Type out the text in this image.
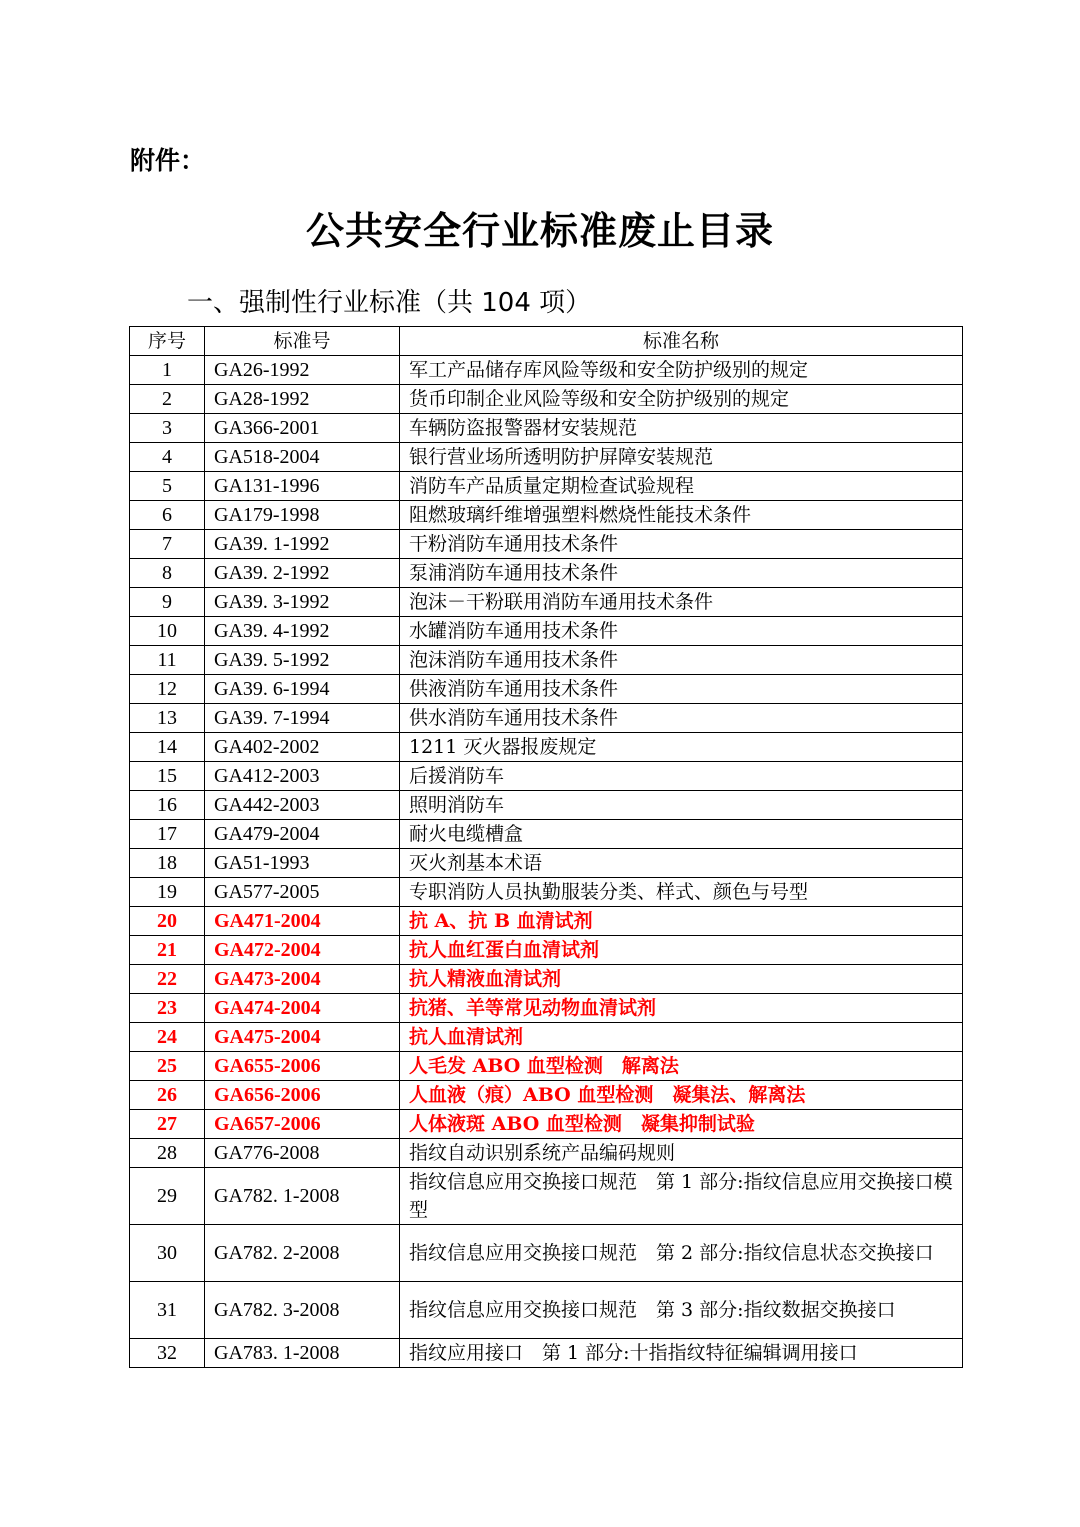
附件：
公共安全行业标准废止目录
一、强制性行业标准（共 104 项）
序号	标准号	标准名称
1	GA26-1992	军工产品储存库风险等级和安全防护级别的规定
2	GA28-1992	货币印制企业风险等级和安全防护级别的规定
3	GA366-2001	车辆防盗报警器材安装规范
4	GA518-2004	银行营业场所透明防护屏障安装规范
5	GA131-1996	消防车产品质量定期检查试验规程
6	GA179-1998	阻燃玻璃纤维增强塑料燃烧性能技术条件
7	GA39. 1-1992	干粉消防车通用技术条件
8	GA39. 2-1992	泵浦消防车通用技术条件
9	GA39. 3-1992	泡沫－干粉联用消防车通用技术条件
10	GA39. 4-1992	水罐消防车通用技术条件
11	GA39. 5-1992	泡沫消防车通用技术条件
12	GA39. 6-1994	供液消防车通用技术条件
13	GA39. 7-1994	供水消防车通用技术条件
14	GA402-2002	1211 灭火器报废规定
15	GA412-2003	后援消防车
16	GA442-2003	照明消防车
17	GA479-2004	耐火电缆槽盒
18	GA51-1993	灭火剂基本术语
19	GA577-2005	专职消防人员执勤服装分类、样式、颜色与号型
20	GA471-2004	抗 A、抗 B 血清试剂
21	GA472-2004	抗人血红蛋白血清试剂
22	GA473-2004	抗人精液血清试剂
23	GA474-2004	抗猪、羊等常见动物血清试剂
24	GA475-2004	抗人血清试剂
25	GA655-2006	人毛发 ABO 血型检测　解离法
26	GA656-2006	人血液（痕）ABO 血型检测　凝集法、解离法
27	GA657-2006	人体液斑 ABO 血型检测　凝集抑制试验
28	GA776-2008	指纹自动识别系统产品编码规则
29	GA782. 1-2008	指纹信息应用交换接口规范　第 1 部分:指纹信息应用交换接口模型
30	GA782. 2-2008	指纹信息应用交换接口规范　第 2 部分:指纹信息状态交换接口
31	GA782. 3-2008	指纹信息应用交换接口规范　第 3 部分:指纹数据交换接口
32	GA783. 1-2008	指纹应用接口　第 1 部分:十指指纹特征编辑调用接口
